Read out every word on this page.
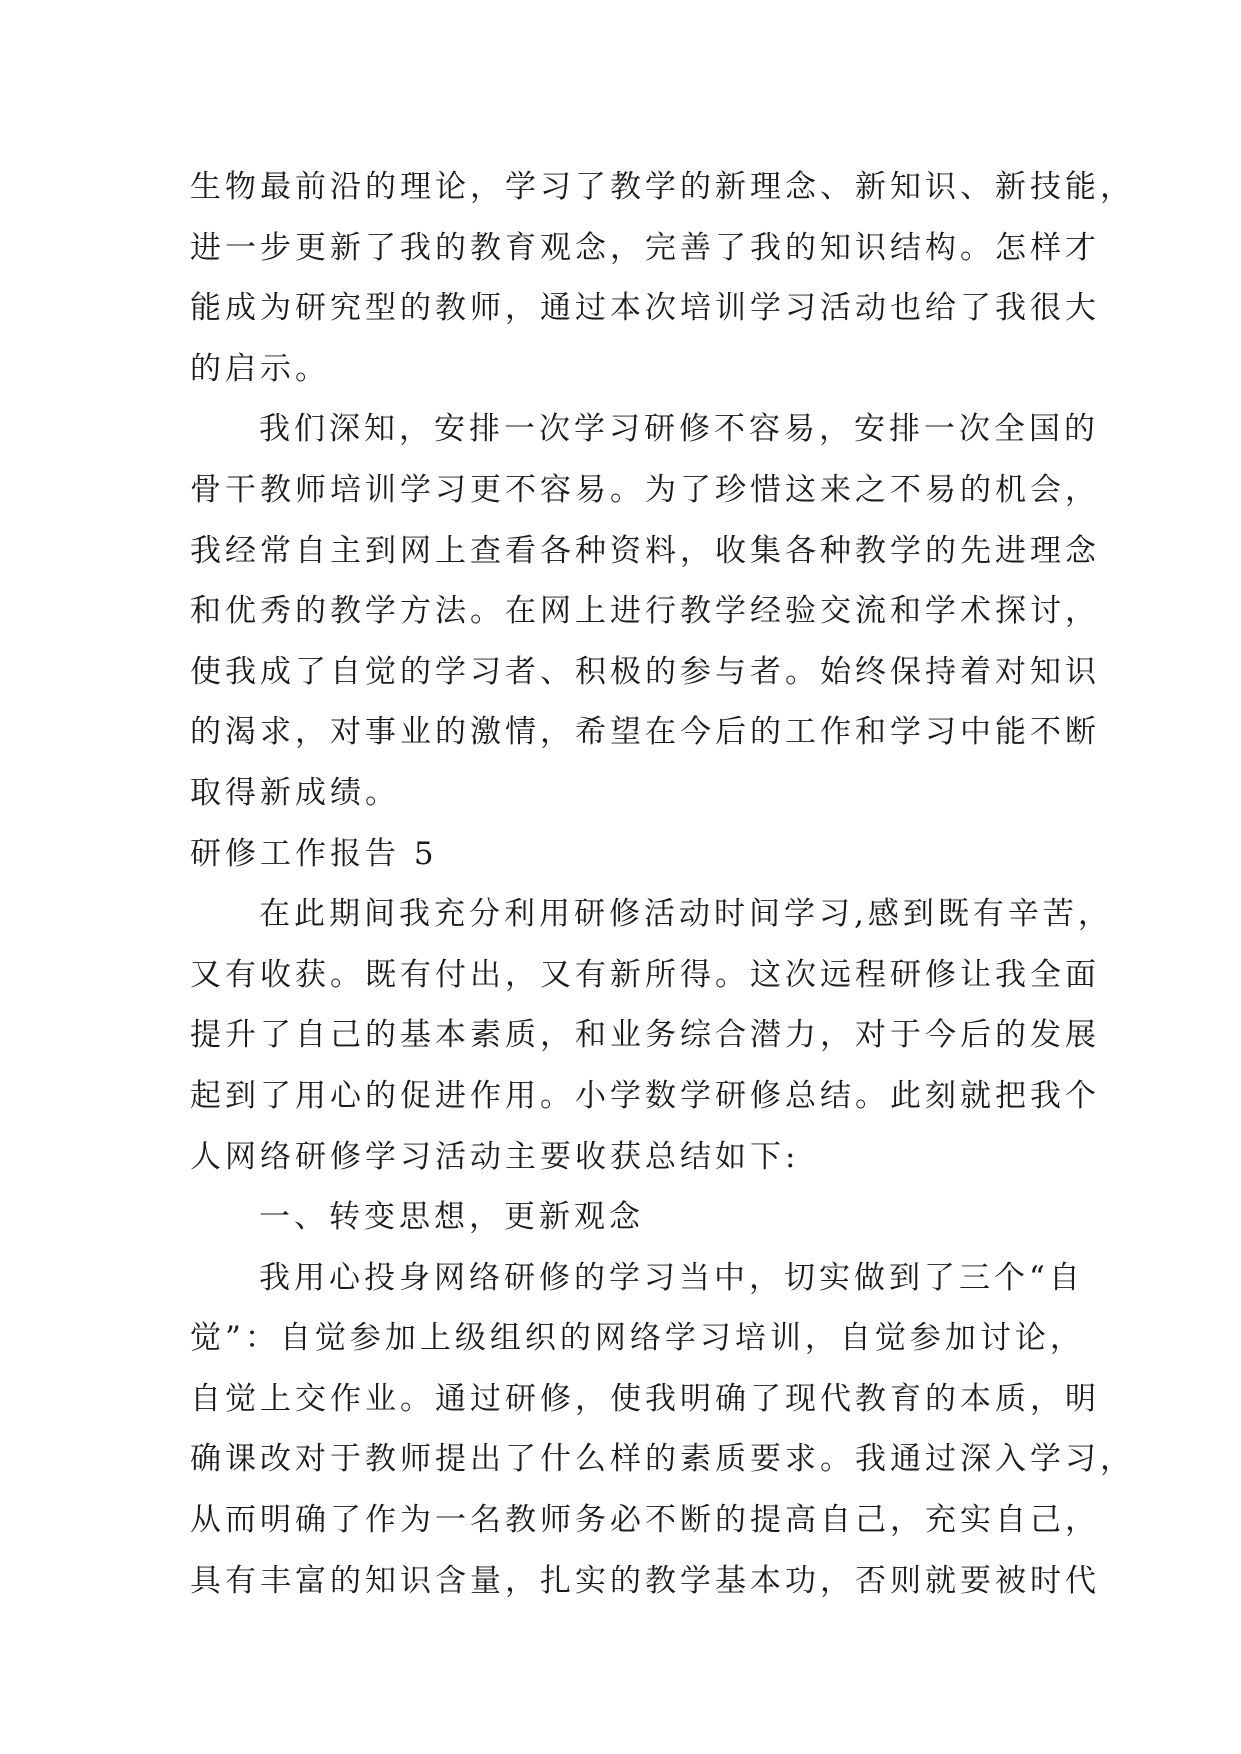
生物最前沿的理论，学习了教学的新理念、新知识、新技能，
进一步更新了我的教育观念，完善了我的知识结构。怎样才
能成为研究型的教师，通过本次培训学习活动也给了我很大
的启示。
我们深知，安排一次学习研修不容易，安排一次全国的
骨干教师培训学习更不容易。为了珍惜这来之不易的机会，
我经常自主到网上查看各种资料，收集各种教学的先进理念
和优秀的教学方法。在网上进行教学经验交流和学术探讨，
使我成了自觉的学习者、积极的参与者。始终保持着对知识
的渴求，对事业的激情，希望在今后的工作和学习中能不断
取得新成绩。
研修工作报告 5
在此期间我充分利用研修活动时间学习,感到既有辛苦，
又有收获。既有付出，又有新所得。这次远程研修让我全面
提升了自己的基本素质，和业务综合潜力，对于今后的发展
起到了用心的促进作用。小学数学研修总结。此刻就把我个
人网络研修学习活动主要收获总结如下:
一、转变思想，更新观念
我用心投身网络研修的学习当中，切实做到了三个“自
觉”：自觉参加上级组织的网络学习培训，自觉参加讨论，
自觉上交作业。通过研修，使我明确了现代教育的本质，明
确课改对于教师提出了什么样的素质要求。我通过深入学习，
从而明确了作为一名教师务必不断的提高自己，充实自己，
具有丰富的知识含量，扎实的教学基本功，否则就要被时代
